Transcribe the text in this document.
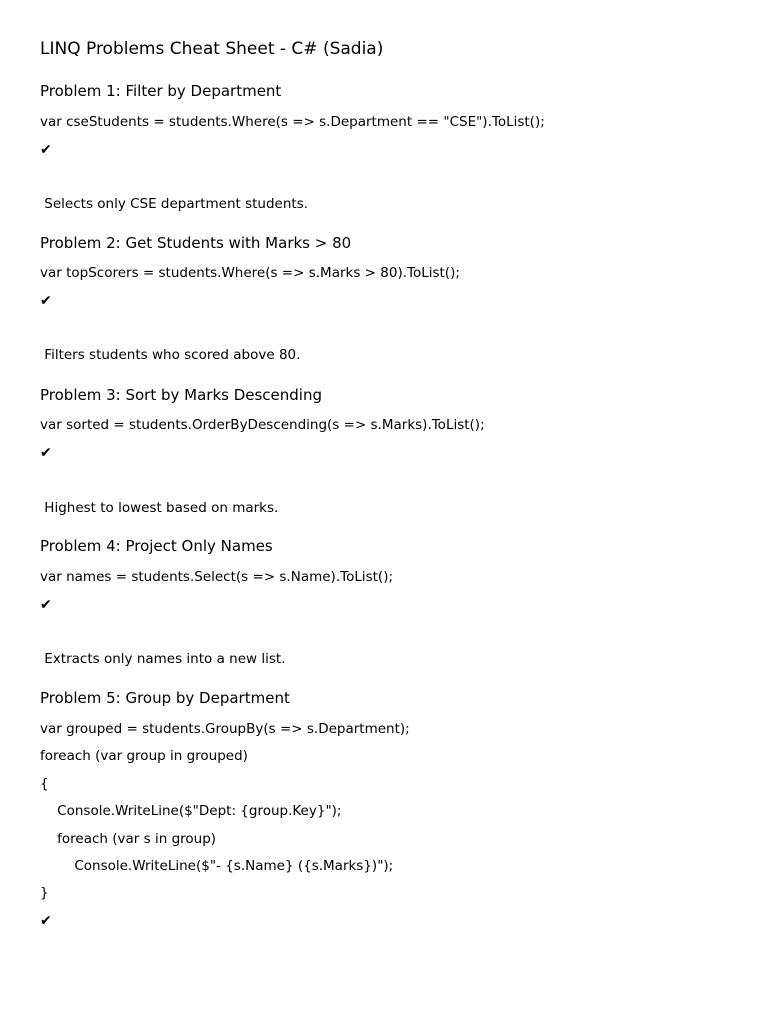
LINQ Problems Cheat Sheet - C# (Sadia)
Problem 1: Filter by Department
var cseStudents = students.Where(s => s.Department == "CSE").ToList();
✔
Selects only CSE department students.
Problem 2: Get Students with Marks > 80
var topScorers = students.Where(s => s.Marks > 80).ToList();
✔
Filters students who scored above 80.
Problem 3: Sort by Marks Descending
var sorted = students.OrderByDescending(s => s.Marks).ToList();
✔
Highest to lowest based on marks.
Problem 4: Project Only Names
var names = students.Select(s => s.Name).ToList();
✔
Extracts only names into a new list.
Problem 5: Group by Department
var grouped = students.GroupBy(s => s.Department);
foreach (var group in grouped)
{
Console.WriteLine($"Dept: {group.Key}");
foreach (var s in group)
Console.WriteLine($"- {s.Name} ({s.Marks})");
}
✔
